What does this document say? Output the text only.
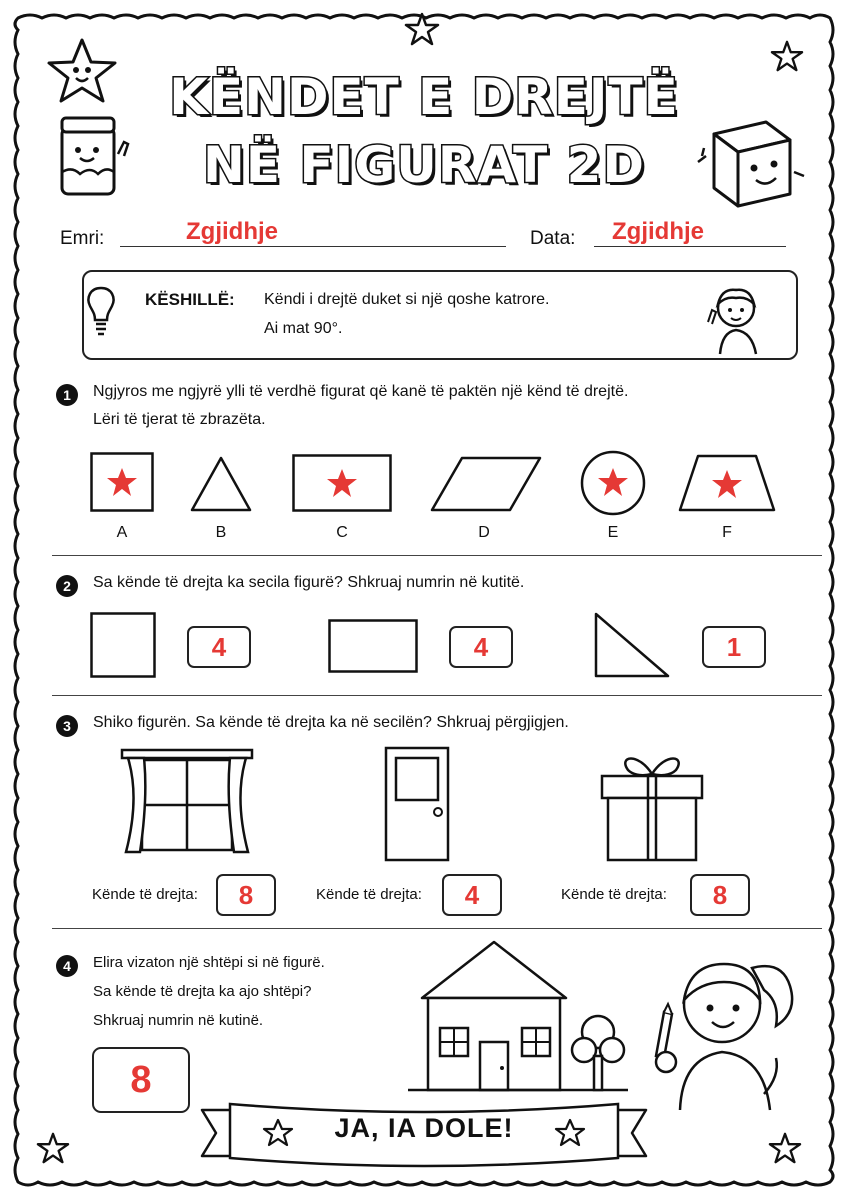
KËNDET E DREJTË
NË FIGURAT 2D
Emri:	Zgjidhje	Data: Zgjidhje
KËSHILLË: Këndi i drejtë duket si një qoshe katrore.
Ai mat 90°.
1	Ngjyros me ngjyrë ylli të verdhë figurat që kanë të paktën një kënd të drejtë.
Lëri të tjerat të zbrazëta.
A	B	C	D	E	F
2	Sa kënde të drejta ka secila figurë? Shkruaj numrin në kutitë.
4	4	1
3	Shiko figurën. Sa kënde të drejta ka në secilën? Shkruaj përgjigjen.
Kënde të drejta:	8	Kënde të drejta:	4	Kënde të drejta:	8
4	Elira vizaton një shtëpi si në figurë.
Sa kënde të drejta ka ajo shtëpi?
Shkruaj numrin në kutinë.
8
JA, IA DOLE!
